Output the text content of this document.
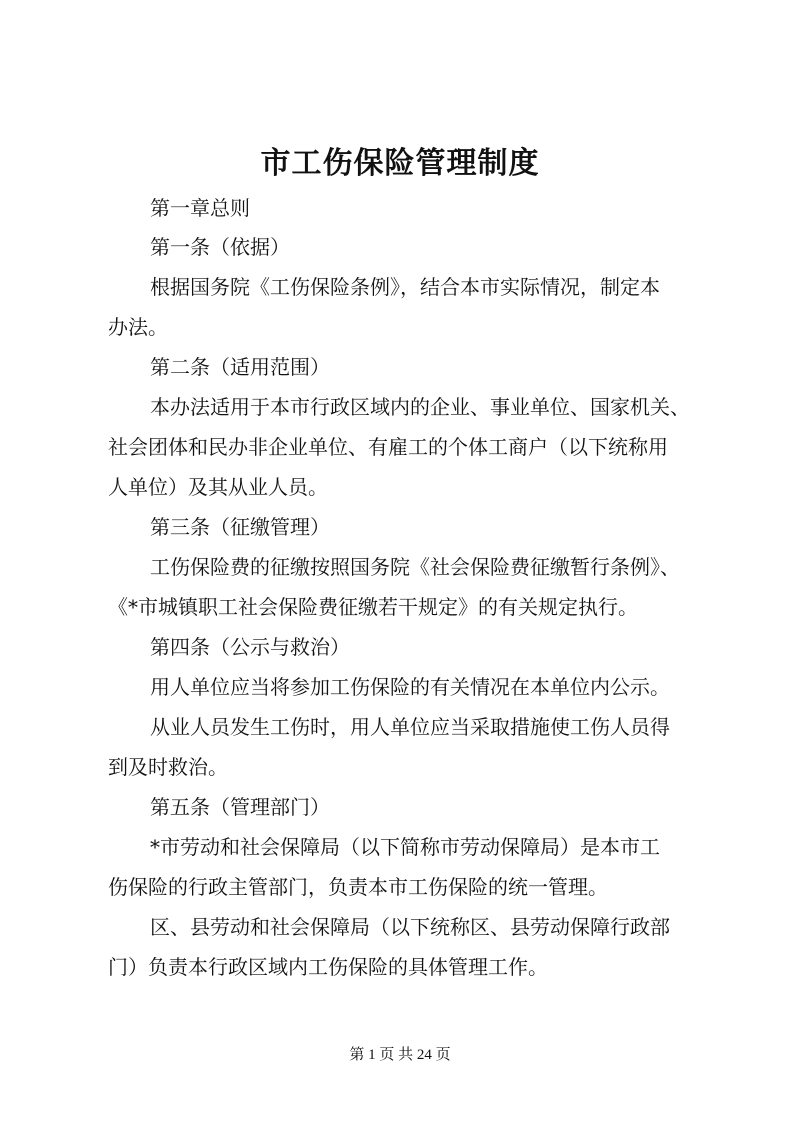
市工伤保险管理制度
第一章总则
第一条（依据）
根据国务院《工伤保险条例》，结合本市实际情况，制定本
办法。
第二条（适用范围）
本办法适用于本市行政区域内的企业、事业单位、国家机关、
社会团体和民办非企业单位、有雇工的个体工商户（以下统称用
人单位）及其从业人员。
第三条（征缴管理）
工伤保险费的征缴按照国务院《社会保险费征缴暂行条例》、
《*市城镇职工社会保险费征缴若干规定》的有关规定执行。
第四条（公示与救治）
用人单位应当将参加工伤保险的有关情况在本单位内公示。
从业人员发生工伤时，用人单位应当采取措施使工伤人员得
到及时救治。
第五条（管理部门）
*市劳动和社会保障局（以下简称市劳动保障局）是本市工
伤保险的行政主管部门，负责本市工伤保险的统一管理。
区、县劳动和社会保障局（以下统称区、县劳动保障行政部
门）负责本行政区域内工伤保险的具体管理工作。
第 1 页 共 24 页
